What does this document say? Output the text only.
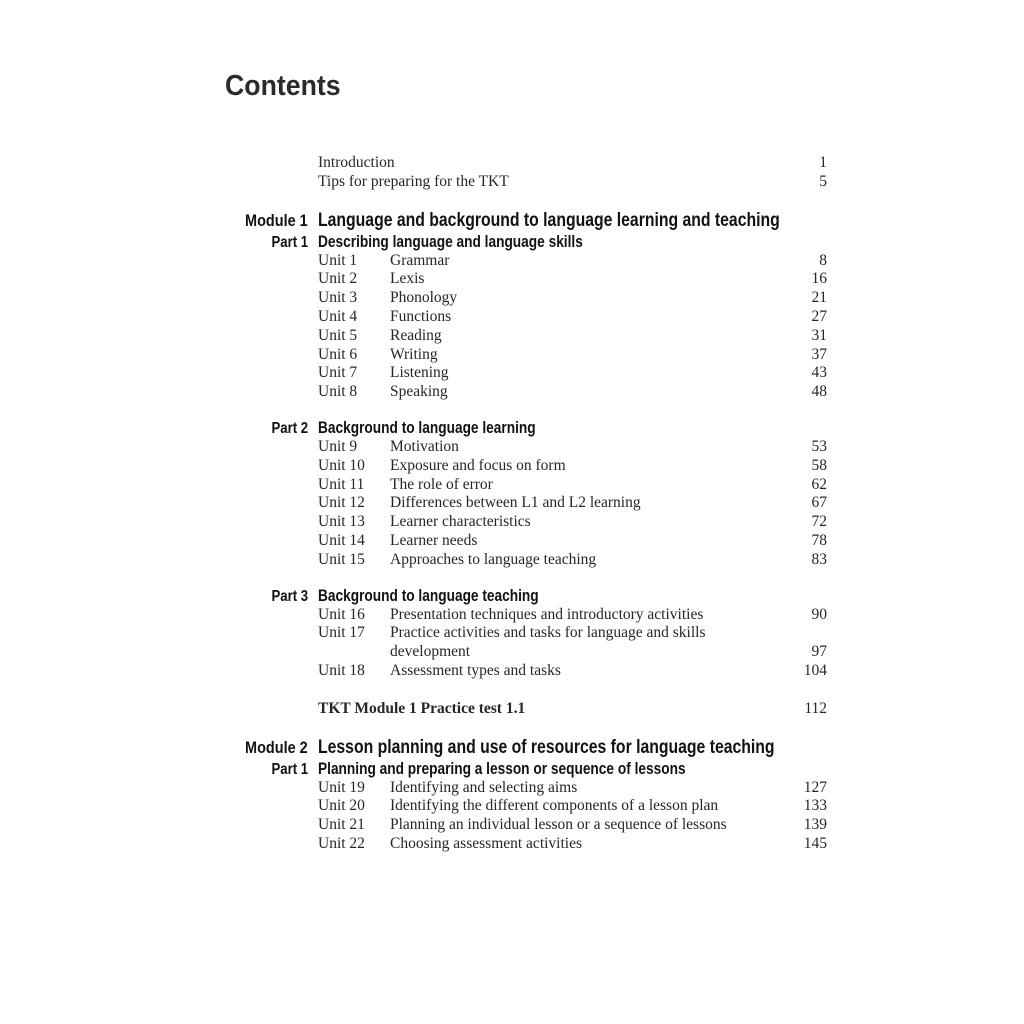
Contents
Introduction	1
Tips for preparing for the TKT	5
Module 1 Language and background to language learning and teaching
Part 1 Describing language and language skills
Unit 1	Grammar	8
Unit 2	Lexis	16
Unit 3	Phonology	21
Unit 4	Functions	27
Unit 5	Reading	31
Unit 6	Writing	37
Unit 7	Listening	43
Unit 8	Speaking	48
Part 2 Background to language learning
Unit 9	Motivation	53
Unit 10	Exposure and focus on form	58
Unit 11	The role of error	62
Unit 12	Differences between L1 and L2 learning	67
Unit 13	Learner characteristics	72
Unit 14	Learner needs	78
Unit 15	Approaches to language teaching	83
Part 3 Background to language teaching
Unit 16	Presentation techniques and introductory activities	90
Unit 17	Practice activities and tasks for language and skills
development	97
Unit 18	Assessment types and tasks	104
TKT Module 1 Practice test 1.1	112
Module 2 Lesson planning and use of resources for language teaching
Part 1 Planning and preparing a lesson or sequence of lessons
Unit 19	Identifying and selecting aims	127
Unit 20	Identifying the different components of a lesson plan	133
Unit 21	Planning an individual lesson or a sequence of lessons	139
Unit 22	Choosing assessment activities	145
